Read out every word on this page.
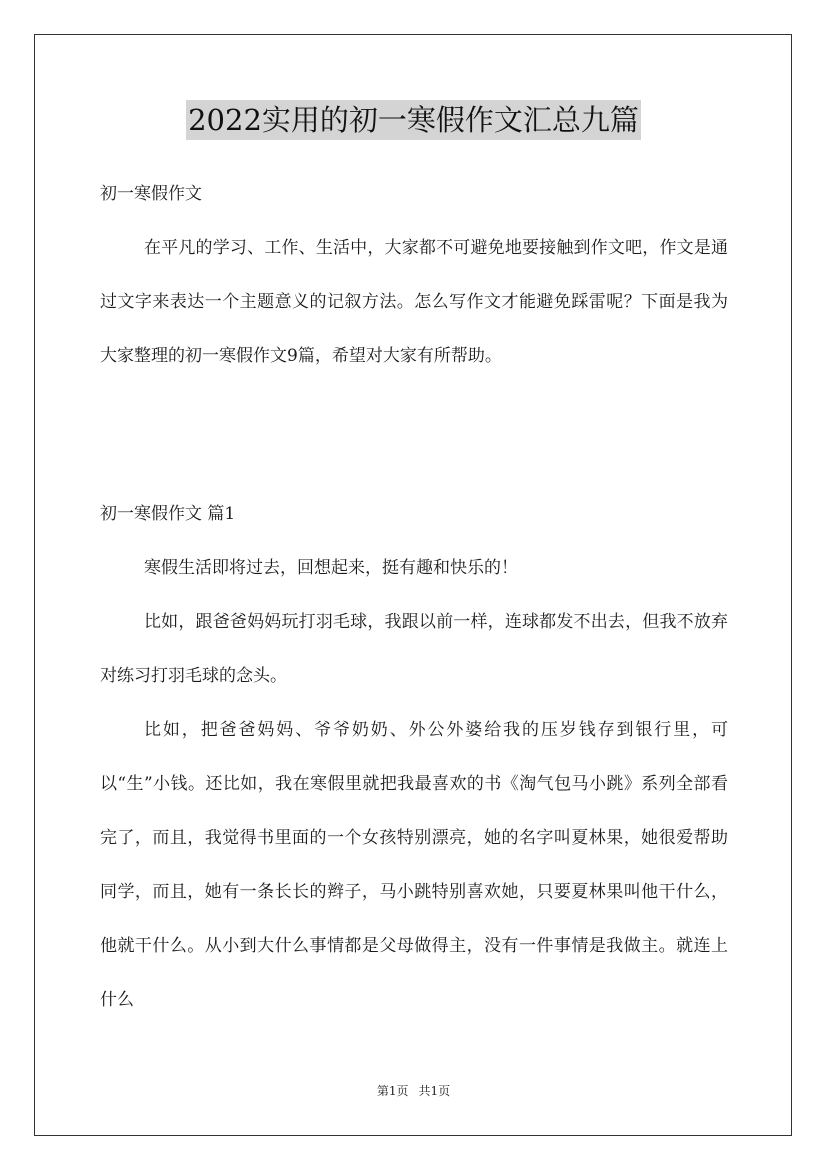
2022实用的初一寒假作文汇总九篇
初一寒假作文

在平凡的学习、工作、生活中，大家都不可避免地要接触到作文吧，作文是通过文字来表达一个主题意义的记叙方法。怎么写作文才能避免踩雷呢？下面是我为大家整理的初一寒假作文9篇，希望对大家有所帮助。

初一寒假作文 篇1

寒假生活即将过去，回想起来，挺有趣和快乐的！

比如，跟爸爸妈妈玩打羽毛球，我跟以前一样，连球都发不出去，但我不放弃对练习打羽毛球的念头。

比如，把爸爸妈妈、爷爷奶奶、外公外婆给我的压岁钱存到银行里，可以“生”小钱。还比如，我在寒假里就把我最喜欢的书《淘气包马小跳》系列全部看完了，而且，我觉得书里面的一个女孩特别漂亮，她的名字叫夏林果，她很爱帮助同学，而且，她有一条长长的辫子，马小跳特别喜欢她，只要夏林果叫他干什么，他就干什么。从小到大什么事情都是父母做得主，没有一件事情是我做主。就连上什么

第1页 共1页
